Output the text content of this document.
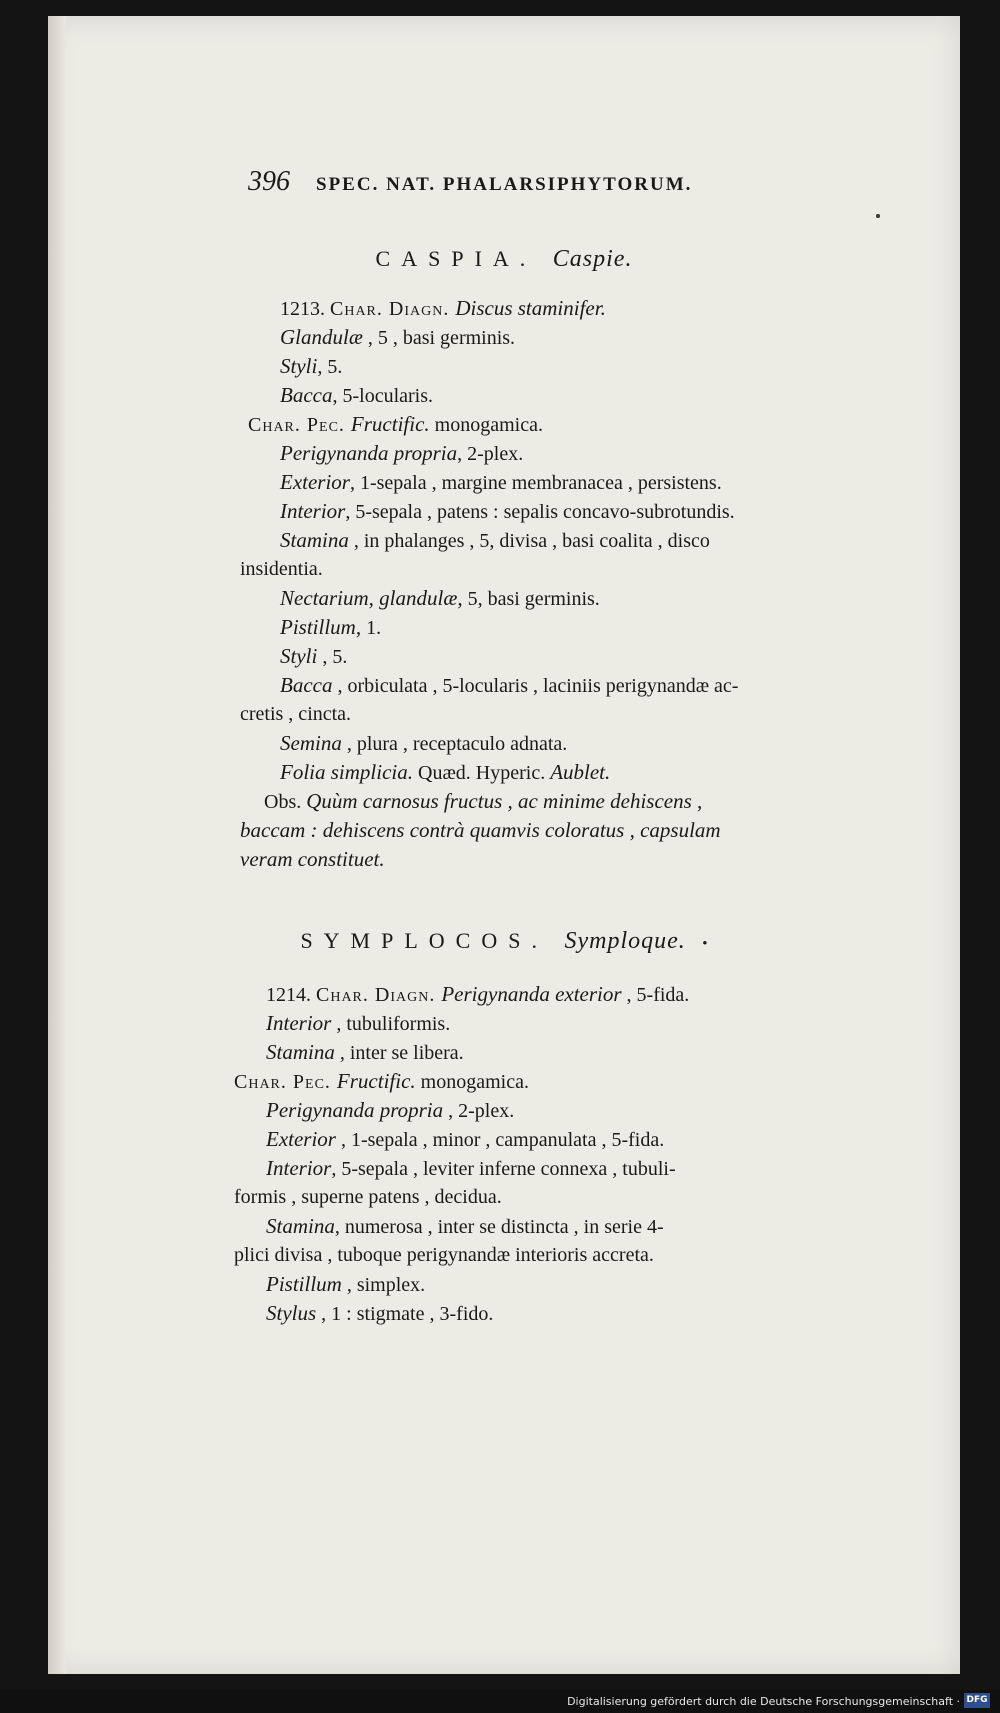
396 SPEC. NAT. PHALARSIPHYTORUM.
CASPIA. Caspie.
1213. Char. Diagn. Discus staminifer.
Glandulæ , 5 , basi germinis.
Styli, 5.
Bacca, 5-locularis.
Char. Pec. Fructific. monogamica.
Perigynanda propria, 2-plex.
Exterior, 1-sepala , margine membranacea , persistens.
Interior, 5-sepala , patens : sepalis concavo-subrotundis.
Stamina , in phalanges , 5, divisa , basi coalita , disco
insidentia.
Nectarium, glandulæ, 5, basi germinis.
Pistillum, 1.
Styli , 5.
Bacca , orbiculata , 5-locularis , laciniis perigynandæ ac-
cretis , cincta.
Semina , plura , receptaculo adnata.
Folia simplicia. Quæd. Hyperic. Aublet.
Obs. Quùm carnosus fructus , ac minime dehiscens ,
baccam : dehiscens contrà quamvis coloratus , capsulam
veram constituet.
SYMPLOCOS. Symploque. •
1214. Char. Diagn. Perigynanda exterior , 5-fida.
Interior , tubuliformis.
Stamina , inter se libera.
Char. Pec. Fructific. monogamica.
Perigynanda propria , 2-plex.
Exterior , 1-sepala , minor , campanulata , 5-fida.
Interior, 5-sepala , leviter inferne connexa , tubuli-
formis , superne patens , decidua.
Stamina, numerosa , inter se distincta , in serie 4-
plici divisa , tuboque perigynandæ interioris accreta.
Pistillum , simplex.
Stylus , 1 : stigmate , 3-fido.
Digitalisierung gefördert durch die Deutsche Forschungsgemeinschaft · DFG
